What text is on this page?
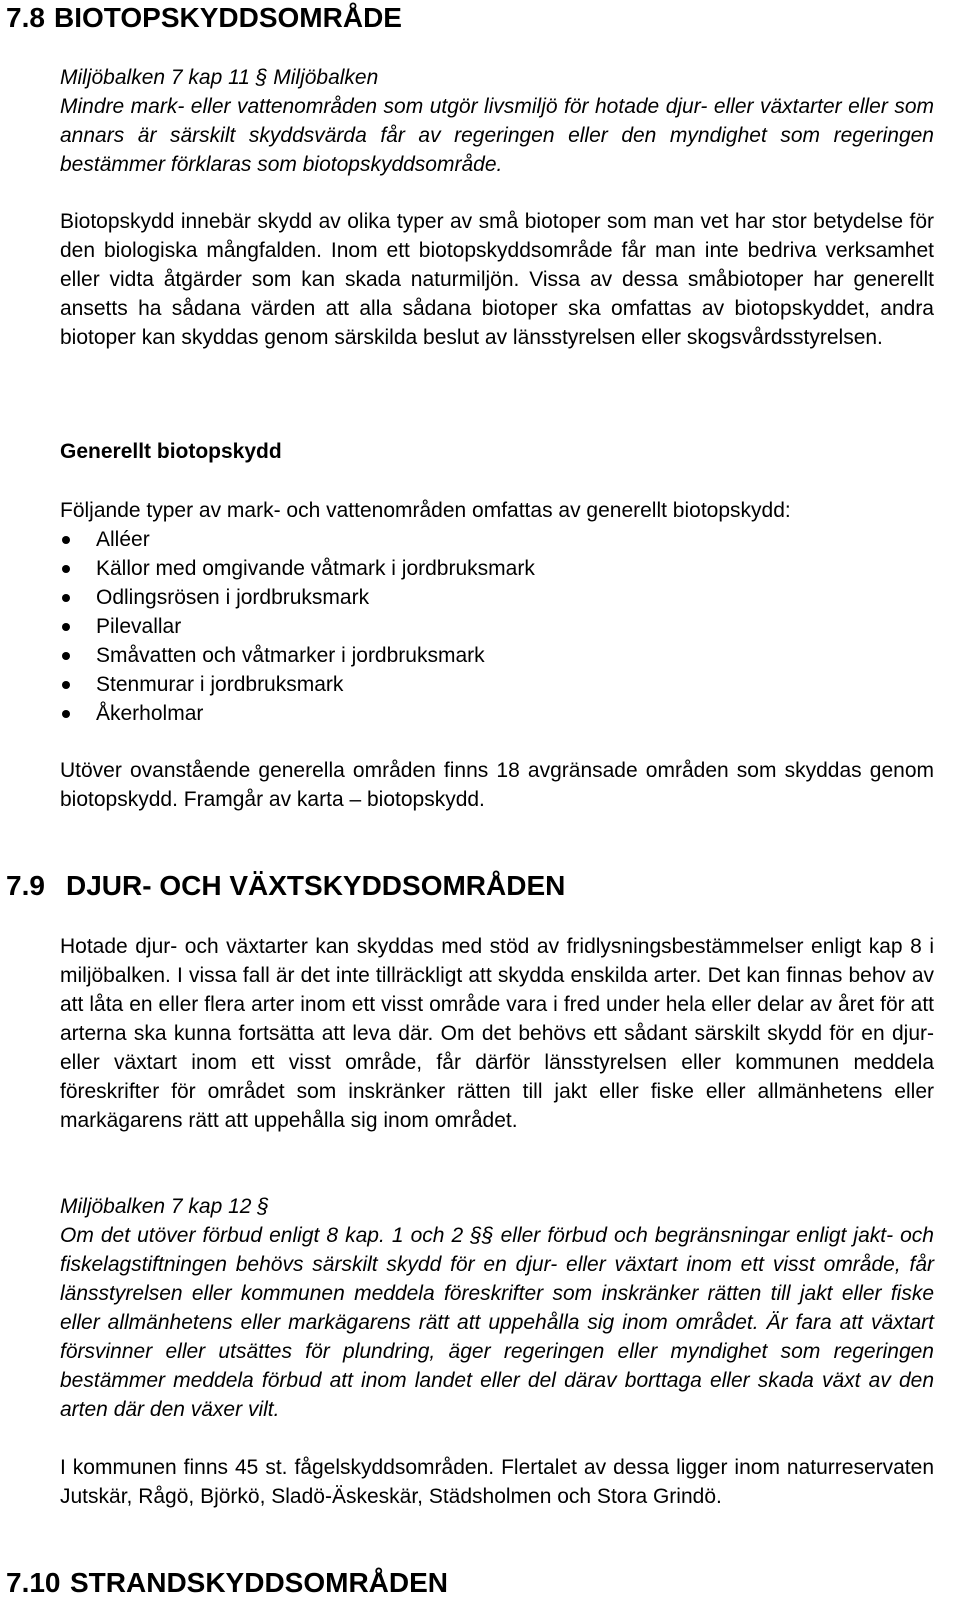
7.8 BIOTOPSKYDDSOMRÅDE

Miljöbalken 7 kap 11 § Miljöbalken
Mindre mark- eller vattenområden som utgör livsmiljö för hotade djur- eller växtarter eller som annars är särskilt skyddsvärda får av regeringen eller den myndighet som regeringen bestämmer förklaras som biotopskyddsområde.

Biotopskydd innebär skydd av olika typer av små biotoper som man vet har stor betydelse för den biologiska mångfalden. Inom ett biotopskyddsområde får man inte bedriva verksamhet eller vidta åtgärder som kan skada naturmiljön. Vissa av dessa småbiotoper har generellt ansetts ha sådana värden att alla sådana biotoper ska omfattas av biotopskyddet, andra biotoper kan skyddas genom särskilda beslut av länsstyrelsen eller skogsvårdsstyrelsen.

Generellt biotopskydd

Följande typer av mark- och vattenområden omfattas av generellt biotopskydd:

Alléer
Källor med omgivande våtmark i jordbruksmark
Odlingsrösen i jordbruksmark
Pilevallar
Småvatten och våtmarker i jordbruksmark
Stenmurar i jordbruksmark
Åkerholmar

Utöver ovanstående generella områden finns 18 avgränsade områden som skyddas genom biotopskydd. Framgår av karta – biotopskydd.

7.9 DJUR- OCH VÄXTSKYDDSOMRÅDEN

Hotade djur- och växtarter kan skyddas med stöd av fridlysningsbestämmelser enligt kap 8 i miljöbalken. I vissa fall är det inte tillräckligt att skydda enskilda arter. Det kan finnas behov av att låta en eller flera arter inom ett visst område vara i fred under hela eller delar av året för att arterna ska kunna fortsätta att leva där. Om det behövs ett sådant särskilt skydd för en djur- eller växtart inom ett visst område, får därför länsstyrelsen eller kommunen meddela föreskrifter för området som inskränker rätten till jakt eller fiske eller allmänhetens eller markägarens rätt att uppehålla sig inom området.

Miljöbalken 7 kap 12 §
Om det utöver förbud enligt 8 kap. 1 och 2 §§ eller förbud och begränsningar enligt jakt- och fiskelagstiftningen behövs särskilt skydd för en djur- eller växtart inom ett visst område, får länsstyrelsen eller kommunen meddela föreskrifter som inskränker rätten till jakt eller fiske eller allmänhetens eller markägarens rätt att uppehålla sig inom området. Är fara att växtart försvinner eller utsättes för plundring, äger regeringen eller myndighet som regeringen bestämmer meddela förbud att inom landet eller del därav borttaga eller skada växt av den arten där den växer vilt.

I kommunen finns 45 st. fågelskyddsområden. Flertalet av dessa ligger inom naturreservaten Jutskär, Rågö, Björkö, Sladö-Äskeskär, Städsholmen och Stora Grindö.

7.10 STRANDSKYDDSOMRÅDEN
